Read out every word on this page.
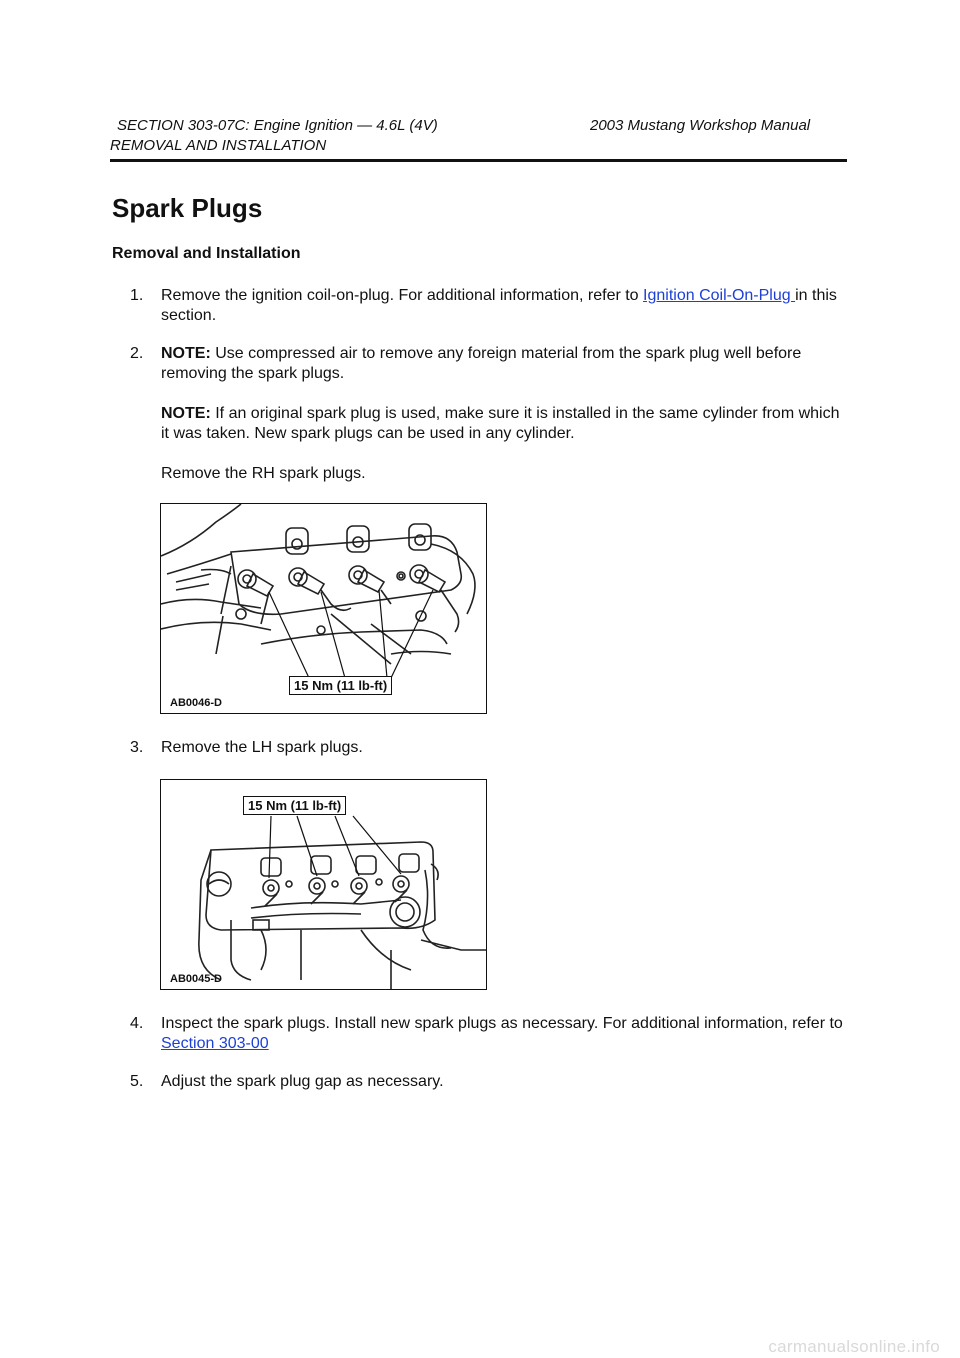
SECTION 303-07C: Engine Ignition — 4.6L (4V)	2003 Mustang Workshop Manual
REMOVAL AND INSTALLATION
Spark Plugs
Removal and Installation
1. Remove the ignition coil-on-plug. For additional information, refer to Ignition Coil-On-Plug in this section.

2. NOTE: Use compressed air to remove any foreign material from the spark plug well before removing the spark plugs.

NOTE: If an original spark plug is used, make sure it is installed in the same cylinder from which it was taken. New spark plugs can be used in any cylinder.

Remove the RH spark plugs.

15 Nm (11 lb-ft)
AB0046-D
3. Remove the LH spark plugs.

15 Nm (11 lb-ft)
AB0045-D
4. Inspect the spark plugs. Install new spark plugs as necessary. For additional information, refer to Section 303-00

5. Adjust the spark plug gap as necessary.

carmanualsonline.info
